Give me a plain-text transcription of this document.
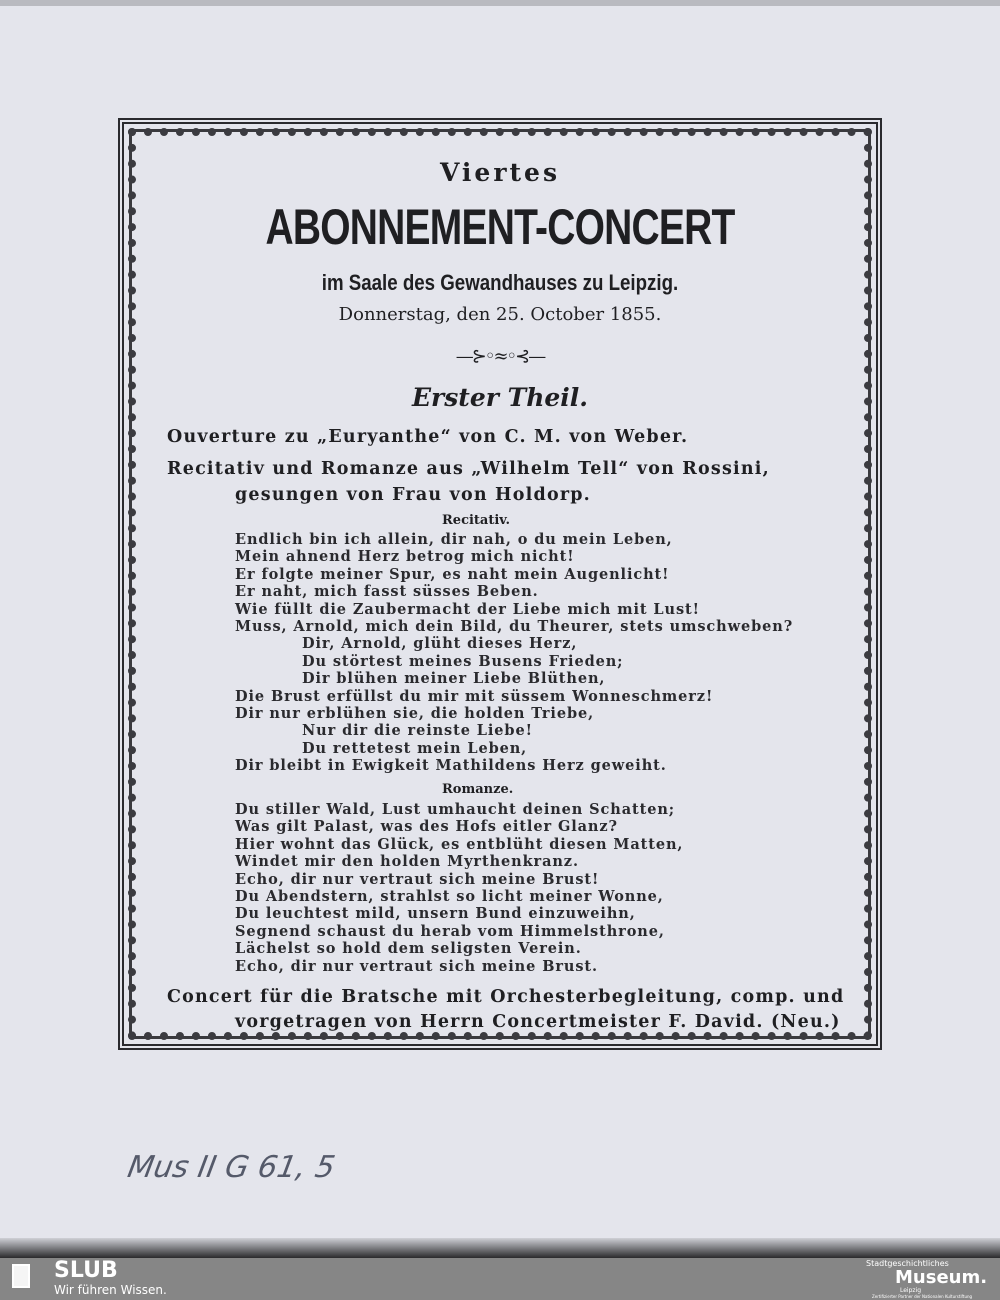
Viertes
ABONNEMENT-CONCERT
im Saale des Gewandhauses zu Leipzig.
Donnerstag, den 25. October 1855.
—⊱◦≈◦⊰—
Erster Theil.
Ouverture zu „Euryanthe“ von C. M. von Weber.
Recitativ und Romanze aus „Wilhelm Tell“ von Rossini,
gesungen von Frau von Holdorp.
Recitativ.
Endlich bin ich allein, dir nah, o du mein Leben,
Mein ahnend Herz betrog mich nicht!
Er folgte meiner Spur, es naht mein Augenlicht!
Er naht, mich fasst süsses Beben.
Wie füllt die Zaubermacht der Liebe mich mit Lust!
Muss, Arnold, mich dein Bild, du Theurer, stets umschweben?
Dir, Arnold, glüht dieses Herz,
Du störtest meines Busens Frieden;
Dir blühen meiner Liebe Blüthen,
Die Brust erfüllst du mir mit süssem Wonneschmerz!
Dir nur erblühen sie, die holden Triebe,
Nur dir die reinste Liebe!
Du rettetest mein Leben,
Dir bleibt in Ewigkeit Mathildens Herz geweiht.
Romanze.
Du stiller Wald, Lust umhaucht deinen Schatten;
Was gilt Palast, was des Hofs eitler Glanz?
Hier wohnt das Glück, es entblüht diesen Matten,
Windet mir den holden Myrthenkranz.
Echo, dir nur vertraut sich meine Brust!
Du Abendstern, strahlst so licht meiner Wonne,
Du leuchtest mild, unsern Bund einzuweihn,
Segnend schaust du herab vom Himmelsthrone,
Lächelst so hold dem seligsten Verein.
Echo, dir nur vertraut sich meine Brust.
Concert für die Bratsche mit Orchesterbegleitung, comp. und
vorgetragen von Herrn Concertmeister F. David. (Neu.)
Mus II G 61, 5
SLUB
Wir führen Wissen.
Stadtgeschichtliches
Museum.
Leipzig
Zertifizierter Partner der Nationalen Kulturstiftung
